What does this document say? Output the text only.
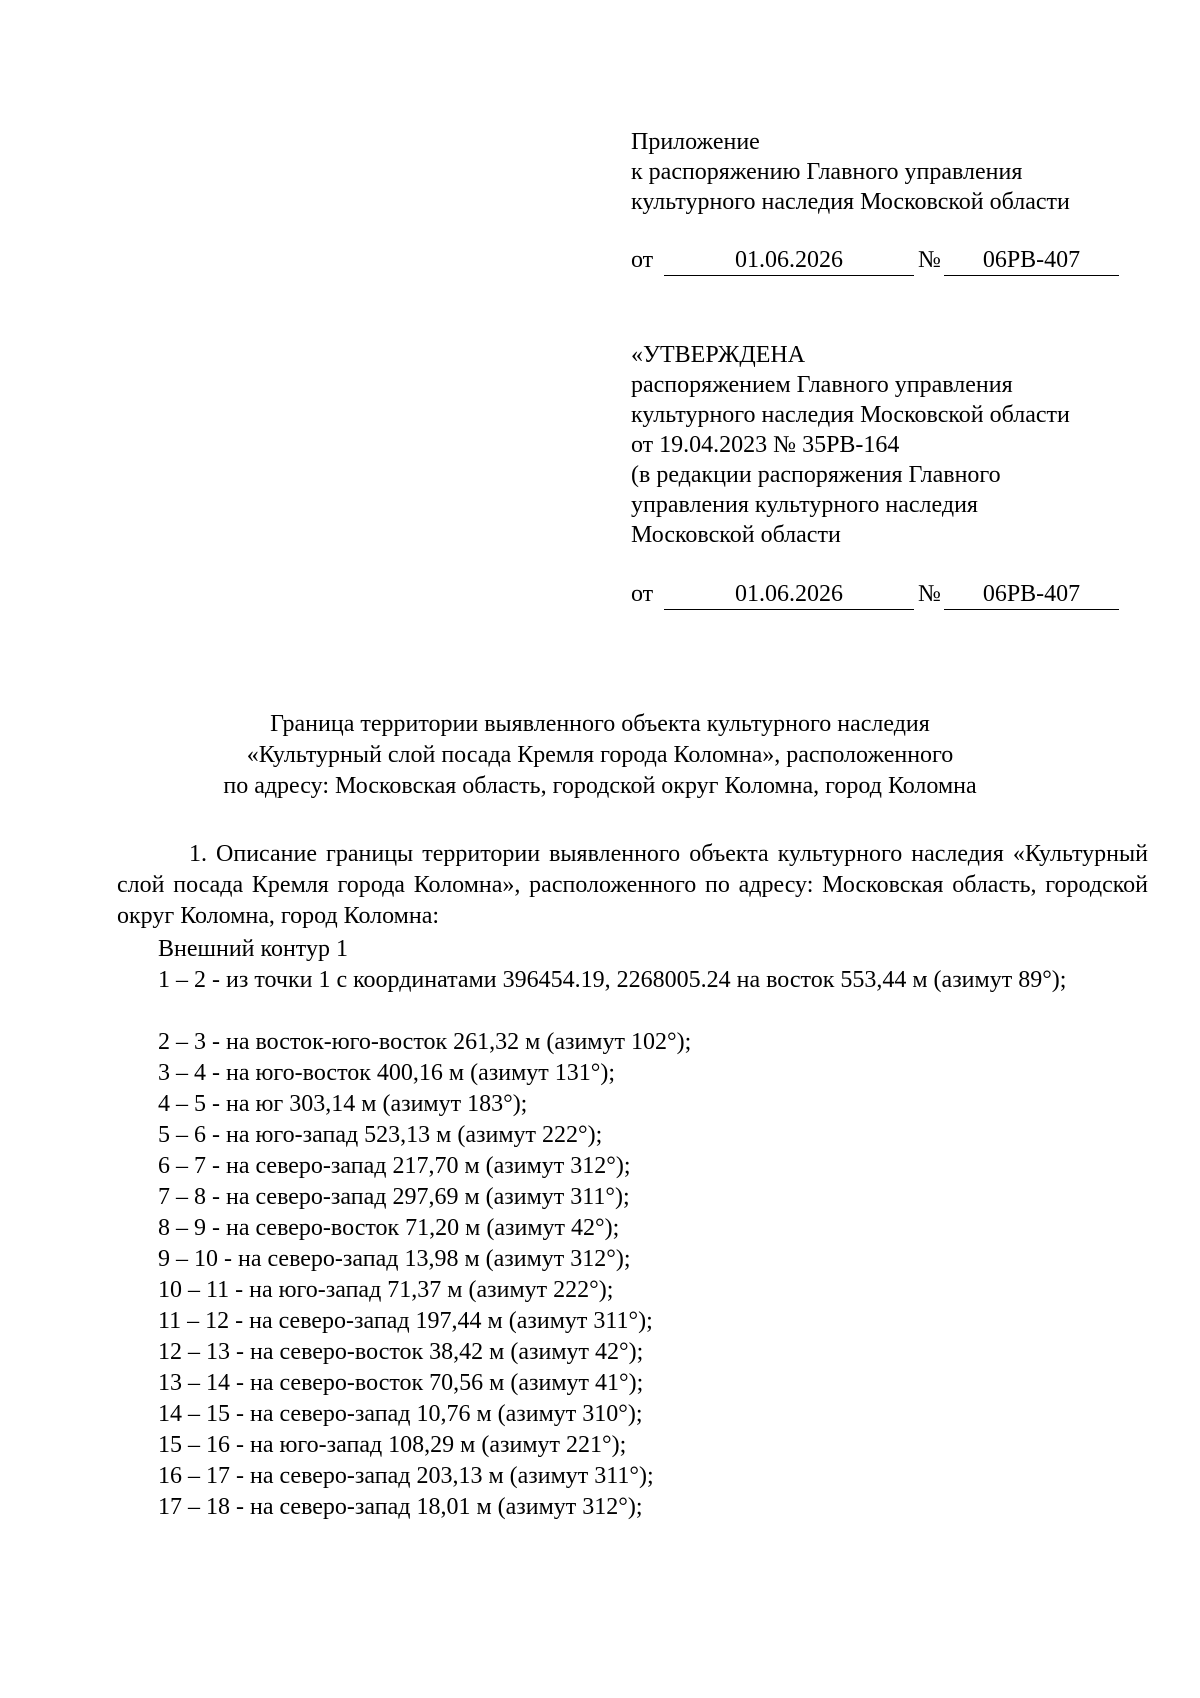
Приложение
к распоряжению Главного управления
культурного наследия Московской области
от	01.06.2026	№	06РВ-407
«УТВЕРЖДЕНА
распоряжением Главного управления
культурного наследия Московской области
от 19.04.2023 № 35РВ-164
(в редакции распоряжения Главного
управления культурного наследия
Московской области
от	01.06.2026	№	06РВ-407
Граница территории выявленного объекта культурного наследия
«Культурный слой посада Кремля города Коломна», расположенного
по адресу: Московская область, городской округ Коломна, город Коломна
1. Описание границы территории выявленного объекта культурного наследия «Культурный слой посада Кремля города Коломна», расположенного по адресу: Московская область, городской округ Коломна, город Коломна:
Внешний контур 1
1 – 2 - из точки 1 с координатами 396454.19, 2268005.24 на восток 553,44 м (азимут 89°);
2 – 3 - на восток-юго-восток 261,32 м (азимут 102°);
3 – 4 - на юго-восток 400,16 м (азимут 131°);
4 – 5 - на юг 303,14 м (азимут 183°);
5 – 6 - на юго-запад 523,13 м (азимут 222°);
6 – 7 - на северо-запад 217,70 м (азимут 312°);
7 – 8 - на северо-запад 297,69 м (азимут 311°);
8 – 9 - на северо-восток 71,20 м (азимут 42°);
9 – 10 - на северо-запад 13,98 м (азимут 312°);
10 – 11 - на юго-запад 71,37 м (азимут 222°);
11 – 12 - на северо-запад 197,44 м (азимут 311°);
12 – 13 - на северо-восток 38,42 м (азимут 42°);
13 – 14 - на северо-восток 70,56 м (азимут 41°);
14 – 15 - на северо-запад 10,76 м (азимут 310°);
15 – 16 - на юго-запад 108,29 м (азимут 221°);
16 – 17 - на северо-запад 203,13 м (азимут 311°);
17 – 18 - на северо-запад 18,01 м (азимут 312°);
